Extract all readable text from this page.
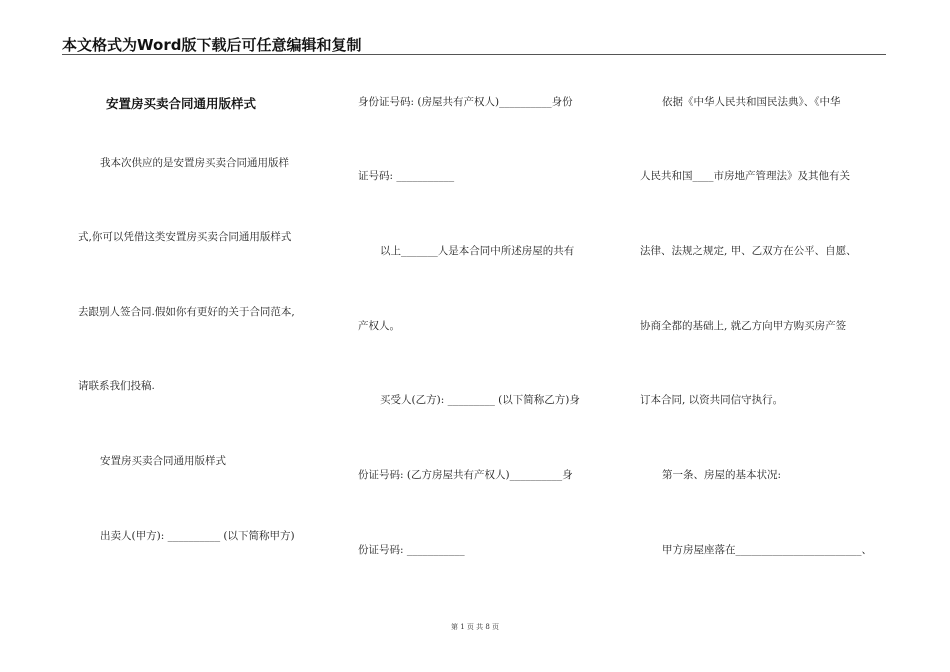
本文格式为Word版下载后可任意编辑和复制
安置房买卖合同通用版样式
我本次供应的是安置房买卖合同通用版样
式,你可以凭借这类安置房买卖合同通用版样式
去跟别人签合同.假如你有更好的关于合同范本,
请联系我们投稿.
安置房买卖合同通用版样式
出卖人(甲方): __________ (以下简称甲方)
身份证号码: (房屋共有产权人)__________身份
证号码: ___________
以上_______人是本合同中所述房屋的共有
产权人。
买受人(乙方): _________ (以下简称乙方)身
份证号码: (乙方房屋共有产权人)__________身
份证号码: ___________
依据《中华人民共和国民法典》、《中华
人民共和国____市房地产管理法》及其他有关
法律、法规之规定, 甲、乙双方在公平、自愿、
协商全都的基础上, 就乙方向甲方购买房产签
订本合同, 以资共同信守执行。
第一条、房屋的基本状况:
甲方房屋座落在________________________、
第 1 页 共 8 页
